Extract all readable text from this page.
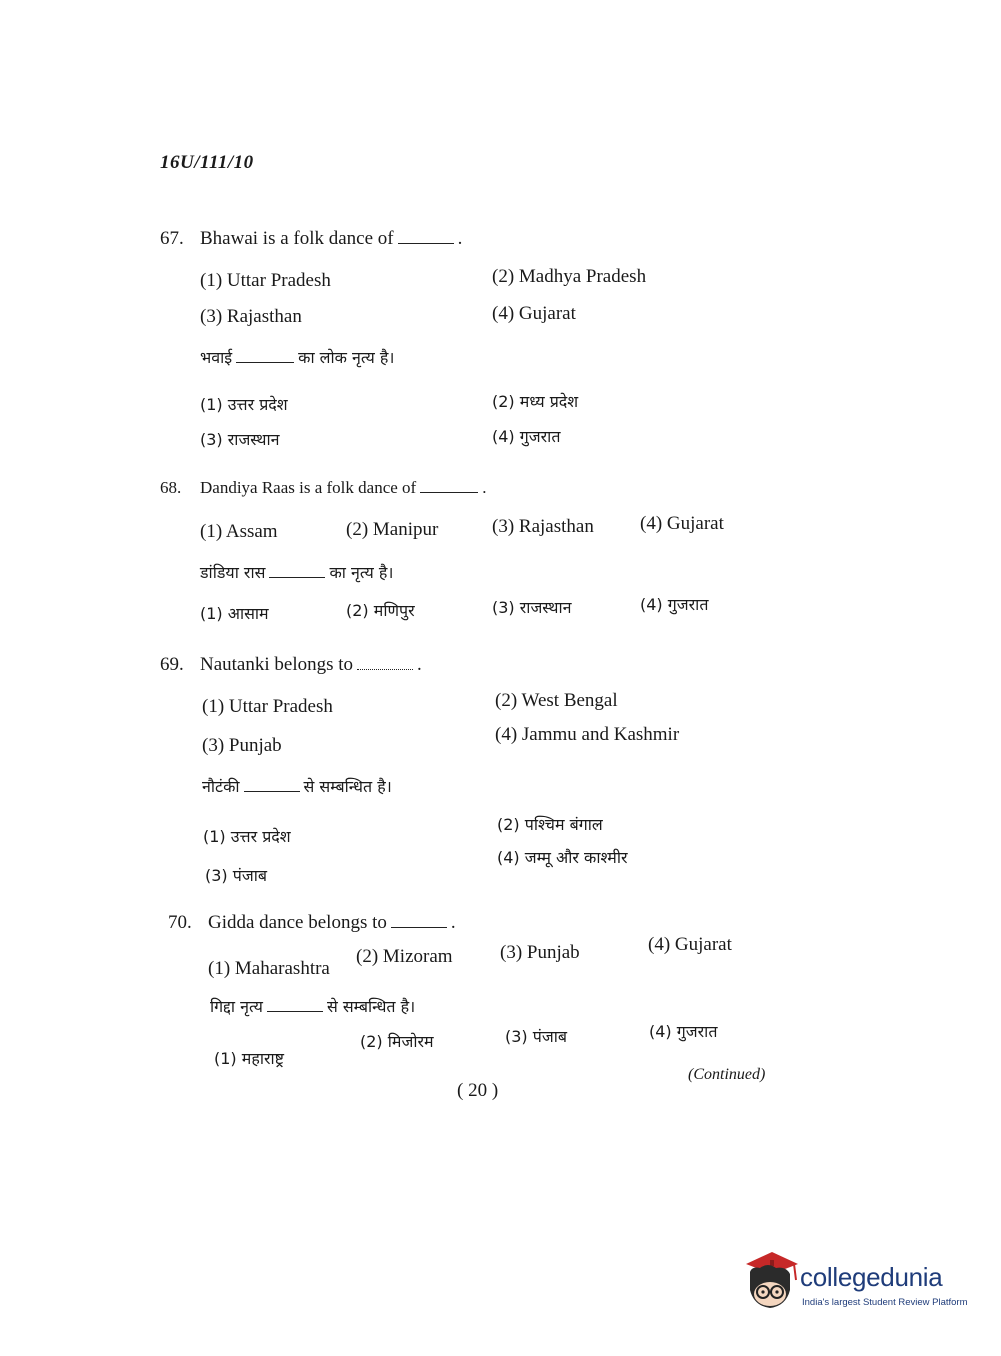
16U/111/10
67. Bhawai is a folk dance of	.
(1) Uttar Pradesh	(2) Madhya Pradesh
(3) Rajasthan	(4) Gujarat
भवाई	का लोक नृत्य है।
(1) उत्तर प्रदेश	(2) मध्य प्रदेश
(3) राजस्थान	(4) गुजरात
68. Dandiya Raas is a folk dance of	.
(1) Assam	(2) Manipur	(3) Rajasthan (4) Gujarat
डांडिया रास	का नृत्य है।
(1) आसाम	(2) मणिपुर	(3) राजस्थान	(4) गुजरात
69. Nautanki belongs to	.
(1) Uttar Pradesh	(2) West Bengal
(3) Punjab
(4) Jammu and Kashmir
नौटंकी	से सम्बन्धित है।
(1) उत्तर प्रदेश
(2) पश्चिम बंगाल
(3) पंजाब
(4) जम्मू और काश्मीर
70. Gidda dance belongs to	.
(1) Maharashtra
(2) Mizoram (3) Punjab	(4) Gujarat
गिद्दा नृत्य	से सम्बन्धित है।
(1) महाराष्ट्र
(2) मिजोरम	(3) पंजाब	(4) गुजरात
(Continued)
( 20 )
collegedunia
India's largest Student Review Platform
